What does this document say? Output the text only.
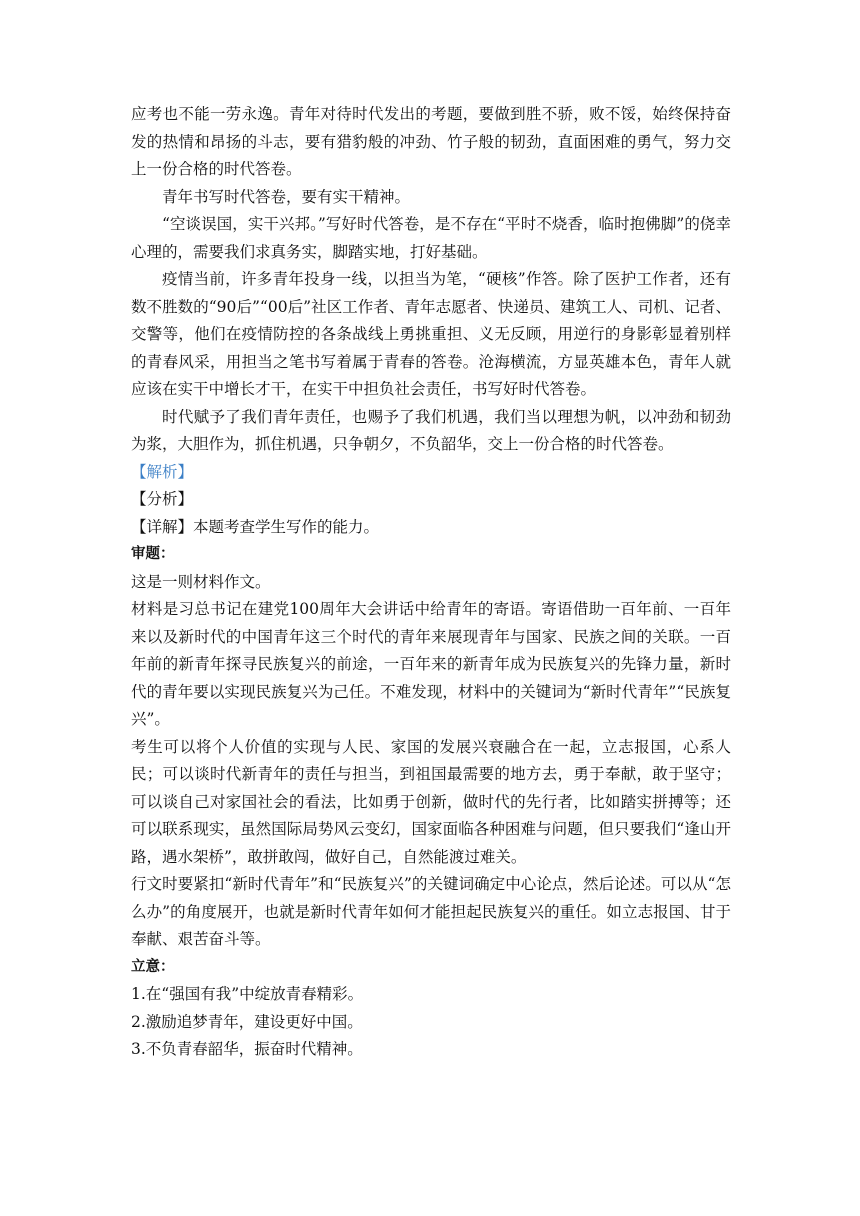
应考也不能一劳永逸。青年对待时代发出的考题，要做到胜不骄，败不馁，始终保持奋发的热情和昂扬的斗志，要有猎豹般的冲劲、竹子般的韧劲，直面困难的勇气，努力交上一份合格的时代答卷。

青年书写时代答卷，要有实干精神。

“空谈误国，实干兴邦。”写好时代答卷，是不存在“平时不烧香，临时抱佛脚”的侥幸心理的，需要我们求真务实，脚踏实地，打好基础。

疫情当前，许多青年投身一线，以担当为笔，“硬核”作答。除了医护工作者，还有数不胜数的“90后”“00后”社区工作者、青年志愿者、快递员、建筑工人、司机、记者、交警等，他们在疫情防控的各条战线上勇挑重担、义无反顾，用逆行的身影彰显着别样的青春风采，用担当之笔书写着属于青春的答卷。沧海横流，方显英雄本色，青年人就应该在实干中增长才干，在实干中担负社会责任，书写好时代答卷。

时代赋予了我们青年责任，也赐予了我们机遇，我们当以理想为帆，以冲劲和韧劲为浆，大胆作为，抓住机遇，只争朝夕，不负韶华，交上一份合格的时代答卷。

【解析】

【分析】

【详解】本题考查学生写作的能力。

审题：

这是一则材料作文。

材料是习总书记在建党100周年大会讲话中给青年的寄语。寄语借助一百年前、一百年来以及新时代的中国青年这三个时代的青年来展现青年与国家、民族之间的关联。一百年前的新青年探寻民族复兴的前途，一百年来的新青年成为民族复兴的先锋力量，新时代的青年要以实现民族复兴为己任。不难发现，材料中的关键词为“新时代青年”“民族复兴”。

考生可以将个人价值的实现与人民、家国的发展兴衰融合在一起，立志报国，心系人民；可以谈时代新青年的责任与担当，到祖国最需要的地方去，勇于奉献，敢于坚守；可以谈自己对家国社会的看法，比如勇于创新，做时代的先行者，比如踏实拼搏等；还可以联系现实，虽然国际局势风云变幻，国家面临各种困难与问题，但只要我们“逢山开路，遇水架桥”，敢拼敢闯，做好自己，自然能渡过难关。

行文时要紧扣“新时代青年”和“民族复兴”的关键词确定中心论点，然后论述。可以从“怎么办”的角度展开，也就是新时代青年如何才能担起民族复兴的重任。如立志报国、甘于奉献、艰苦奋斗等。

立意：

1.在“强国有我”中绽放青春精彩。

2.激励追梦青年，建设更好中国。

3.不负青春韶华，振奋时代精神。
